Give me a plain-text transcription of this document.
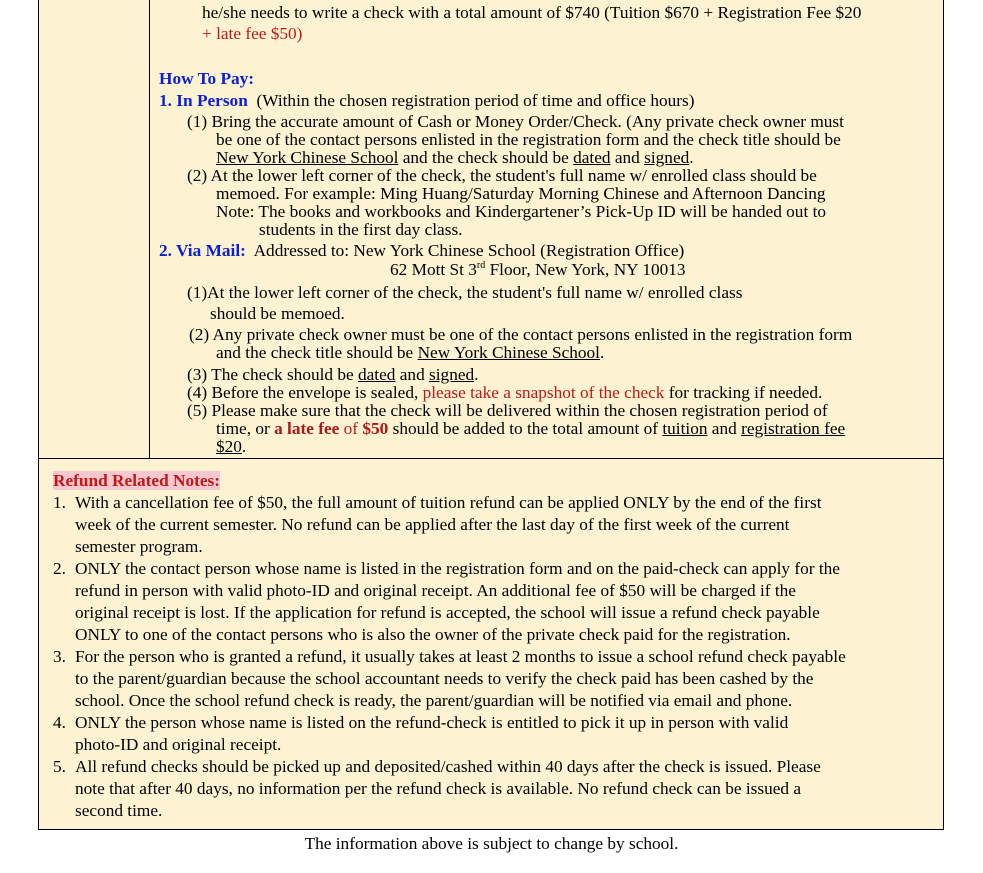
he/she needs to write a check with a total amount of $740 (Tuition $670 + Registration Fee $20
+ late fee $50)
How To Pay:
1. In Person (Within the chosen registration period of time and office hours)
(1) Bring the accurate amount of Cash or Money Order/Check. (Any private check owner must
be one of the contact persons enlisted in the registration form and the check title should be
New York Chinese School and the check should be dated and signed.
(2) At the lower left corner of the check, the student's full name w/ enrolled class should be
memoed. For example: Ming Huang/Saturday Morning Chinese and Afternoon Dancing
Note: The books and workbooks and Kindergartener’s Pick-Up ID will be handed out to
students in the first day class.
2. Via Mail: Addressed to: New York Chinese School (Registration Office)
62 Mott St 3rd Floor, New York, NY 10013
(1)At the lower left corner of the check, the student's full name w/ enrolled class
should be memoed.
(2) Any private check owner must be one of the contact persons enlisted in the registration form
and the check title should be New York Chinese School.
(3) The check should be dated and signed.
(4) Before the envelope is sealed, please take a snapshot of the check for tracking if needed.
(5) Please make sure that the check will be delivered within the chosen registration period of
time, or a late fee of $50 should be added to the total amount of tuition and registration fee
$20.
Refund Related Notes:
1. With a cancellation fee of $50, the full amount of tuition refund can be applied ONLY by the end of the first
week of the current semester. No refund can be applied after the last day of the first week of the current
semester program.
2. ONLY the contact person whose name is listed in the registration form and on the paid-check can apply for the
refund in person with valid photo-ID and original receipt. An additional fee of $50 will be charged if the
original receipt is lost. If the application for refund is accepted, the school will issue a refund check payable
ONLY to one of the contact persons who is also the owner of the private check paid for the registration.
3. For the person who is granted a refund, it usually takes at least 2 months to issue a school refund check payable
to the parent/guardian because the school accountant needs to verify the check paid has been cashed by the
school. Once the school refund check is ready, the parent/guardian will be notified via email and phone.
4. ONLY the person whose name is listed on the refund-check is entitled to pick it up in person with valid
photo-ID and original receipt.
5. All refund checks should be picked up and deposited/cashed within 40 days after the check is issued. Please
note that after 40 days, no information per the refund check is available. No refund check can be issued a
second time.
The information above is subject to change by school.
